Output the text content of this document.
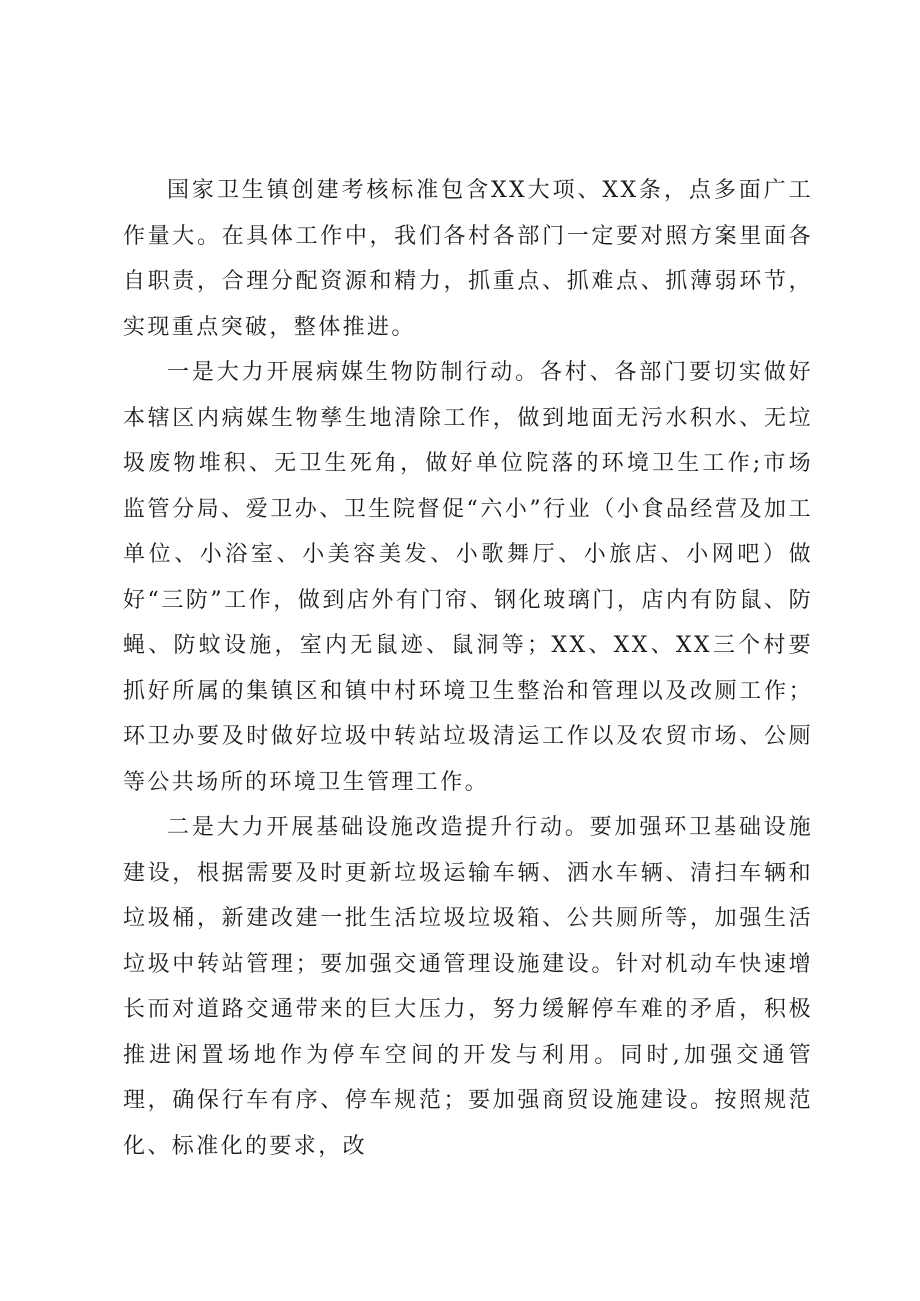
国家卫生镇创建考核标准包含XX大项、XX条，点多面广工作量大。在具体工作中，我们各村各部门一定要对照方案里面各自职责，合理分配资源和精力，抓重点、抓难点、抓薄弱环节，实现重点突破，整体推进。

一是大力开展病媒生物防制行动。各村、各部门要切实做好本辖区内病媒生物孳生地清除工作，做到地面无污水积水、无垃圾废物堆积、无卫生死角，做好单位院落的环境卫生工作;市场监管分局、爱卫办、卫生院督促“六小”行业（小食品经营及加工单位、小浴室、小美容美发、小歌舞厅、小旅店、小网吧）做好“三防”工作，做到店外有门帘、钢化玻璃门，店内有防鼠、防蝇、防蚊设施，室内无鼠迹、鼠洞等；XX、XX、XX三个村要抓好所属的集镇区和镇中村环境卫生整治和管理以及改厕工作；环卫办要及时做好垃圾中转站垃圾清运工作以及农贸市场、公厕等公共场所的环境卫生管理工作。

二是大力开展基础设施改造提升行动。要加强环卫基础设施建设，根据需要及时更新垃圾运输车辆、洒水车辆、清扫车辆和垃圾桶，新建改建一批生活垃圾垃圾箱、公共厕所等，加强生活垃圾中转站管理；要加强交通管理设施建设。针对机动车快速增长而对道路交通带来的巨大压力，努力缓解停车难的矛盾，积极推进闲置场地作为停车空间的开发与利用。同时,加强交通管理，确保行车有序、停车规范；要加强商贸设施建设。按照规范化、标准化的要求，改
